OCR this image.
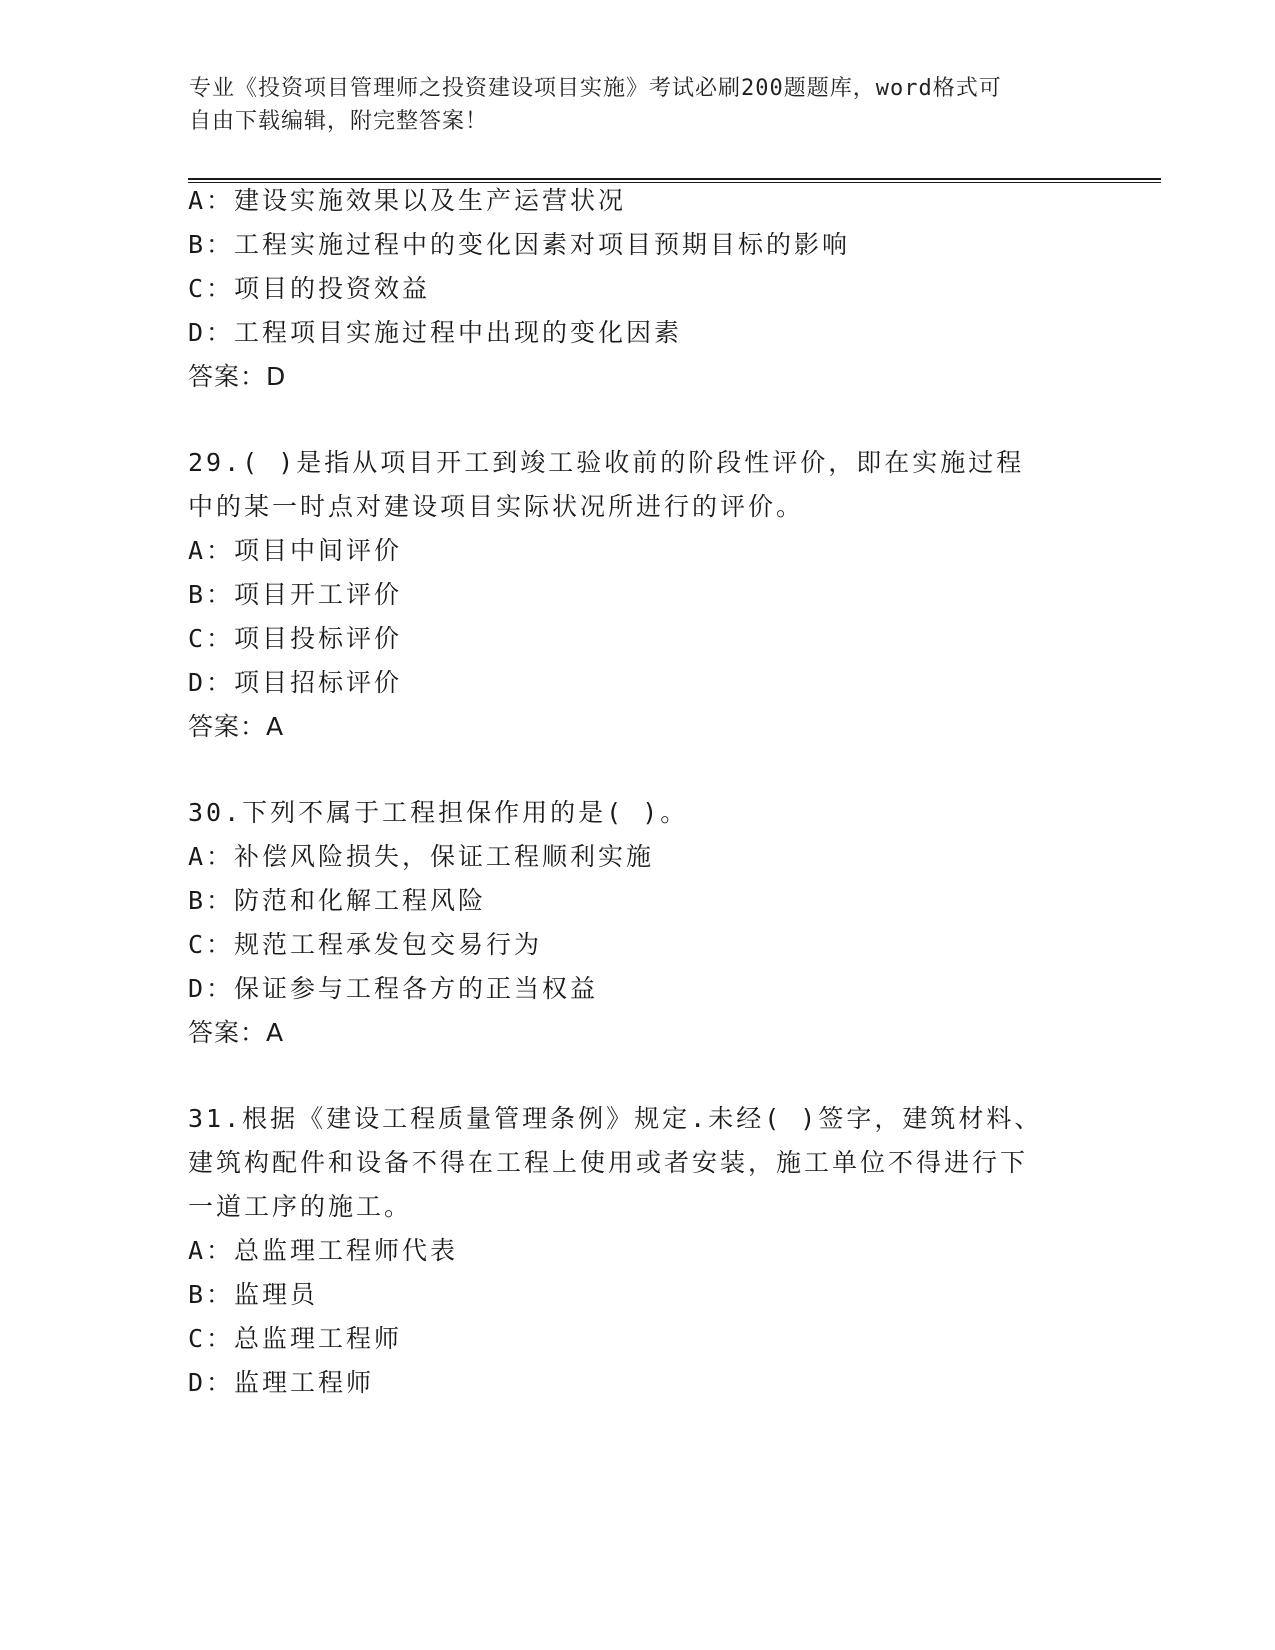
专业《投资项目管理师之投资建设项目实施》考试必刷200题题库，word格式可
自由下载编辑，附完整答案！
A：建设实施效果以及生产运营状况
B：工程实施过程中的变化因素对项目预期目标的影响
C：项目的投资效益
D：工程项目实施过程中出现的变化因素
答案：D
29.( )是指从项目开工到竣工验收前的阶段性评价，即在实施过程
中的某一时点对建设项目实际状况所进行的评价。
A：项目中间评价
B：项目开工评价
C：项目投标评价
D：项目招标评价
答案：A
30.下列不属于工程担保作用的是( )。
A：补偿风险损失，保证工程顺利实施
B：防范和化解工程风险
C：规范工程承发包交易行为
D：保证参与工程各方的正当权益
答案：A
31.根据《建设工程质量管理条例》规定.未经( )签字，建筑材料、
建筑构配件和设备不得在工程上使用或者安装，施工单位不得进行下
一道工序的施工。
A：总监理工程师代表
B：监理员
C：总监理工程师
D：监理工程师
